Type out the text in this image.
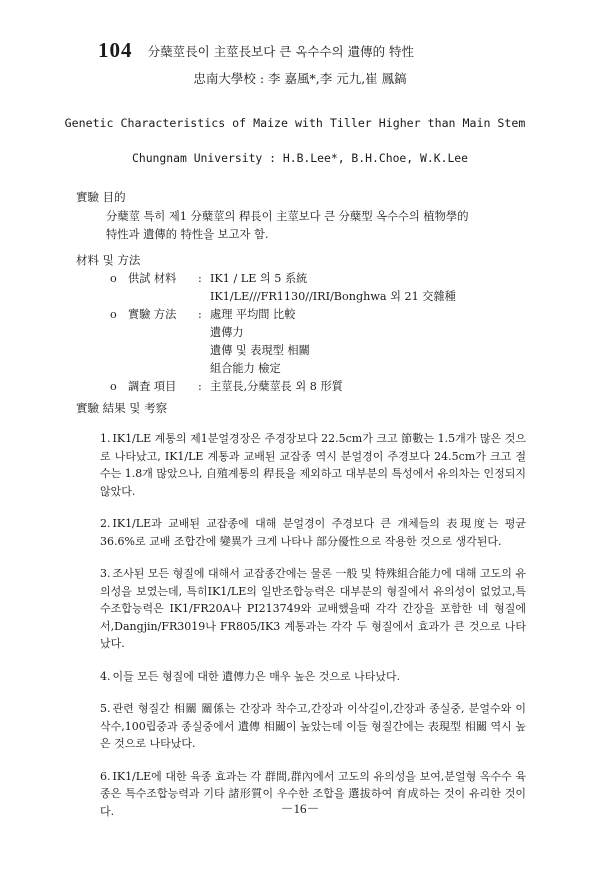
104 分蘖莖長이 主莖長보다 큰 옥수수의 遺傳的 特性
忠南大學校 : 李 嘉風*,李 元九,崔 鳳鎬
Genetic Characteristics of Maize with Tiller Higher than Main Stem
Chungnam University : H.B.Lee*, B.H.Choe, W.K.Lee
實驗 目的
分蘖莖 특히 제1 分蘖莖의 稈長이 主莖보다 큰 分蘖型 옥수수의 植物學的
特性과 遺傳的 特性을 보고자 함.
材料 및 方法
o	供試 材料	: IK1 / LE 의 5 系統
IK1/LE///FR1130//IRI/Bonghwa 외 21 交雜種
o	實驗 方法	: 處理 平均間 比較
遺傳力
遺傳 및 表現型 相關
組合能力 檢定
o	調査 項目	: 主莖長,分蘖莖長 외 8 形質
實驗 結果 및 考察

1. IK1/LE 계통의 제1분얼경장은 주경장보다 22.5cm가 크고 節數는 1.5개가 많은 것으로 나타났고, IK1/LE 계통과 교배된 교잡종 역시 분얼경이 주경보다 24.5cm가 크고 절수는 1.8개 많았으나, 自殖계통의 稈長을 제외하고 대부분의 특성에서 유의차는 인정되지 않았다.

2. IK1/LE과 교배된 교잡종에 대해 분얼경이 주경보다 큰 개체들의 表現度는 평균 36.6%로 교배 조합간에 變異가 크게 나타나 部分優性으로 작용한 것으로 생각된다.

3. 조사된 모든 형질에 대해서 교잡종간에는 물론 一般 및 特殊組合能力에 대해 고도의 유의성을 보였는데, 특히IK1/LE의 일반조합능력은 대부분의 형질에서 유의성이 없었고,특수조합능력은 IK1/FR20A나 PI213749와 교배했을때 각각 간장을 포함한 네 형질에서,Dangjin/FR3019나 FR805/IK3 계통과는 각각 두 형질에서 효과가 큰 것으로 나타났다.

4. 이들 모든 형질에 대한 遺傳力은 매우 높은 것으로 나타났다.

5. 관련 형질간 相關 關係는 간장과 착수고,간장과 이삭길이,간장과 종실중, 분얼수와 이삭수,100립중과 종실중에서 遺傳 相關이 높았는데 이들 형질간에는 表現型 相關 역시 높은 것으로 나타났다.

6. IK1/LE에 대한 육종 효과는 각 群間,群內에서 고도의 유의성을 보여,분얼형 옥수수 육종은 특수조합능력과 기타 諸形質이 우수한 조합을 選拔하여 育成하는 것이 유리한 것이다.	－16－
